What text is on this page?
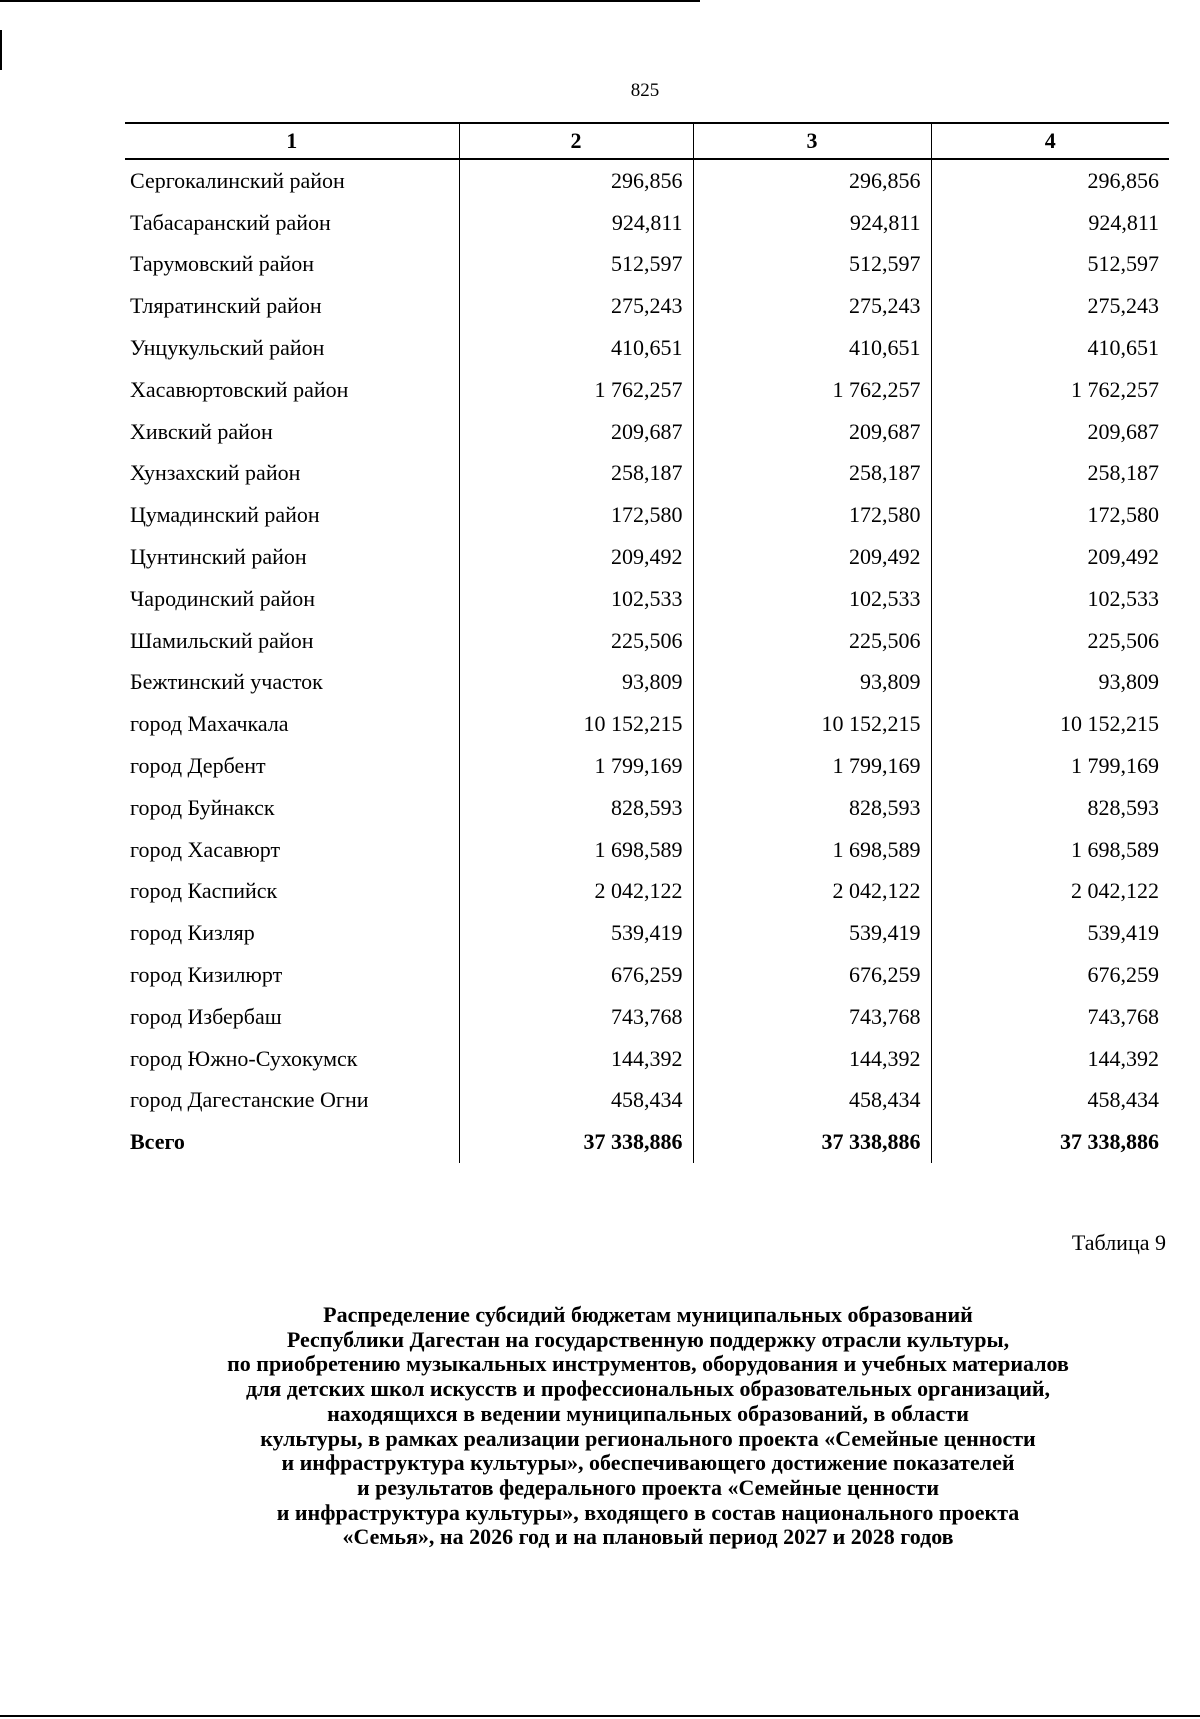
825
1	2	3	4
Сергокалинский район	296,856	296,856	296,856
Табасаранский район	924,811	924,811	924,811
Тарумовский район	512,597	512,597	512,597
Тляратинский район	275,243	275,243	275,243
Унцукульский район	410,651	410,651	410,651
Хасавюртовский район	1 762,257	1 762,257	1 762,257
Хивский район	209,687	209,687	209,687
Хунзахский район	258,187	258,187	258,187
Цумадинский район	172,580	172,580	172,580
Цунтинский район	209,492	209,492	209,492
Чародинский район	102,533	102,533	102,533
Шамильский район	225,506	225,506	225,506
Бежтинский участок	93,809	93,809	93,809
город Махачкала	10 152,215	10 152,215	10 152,215
город Дербент	1 799,169	1 799,169	1 799,169
город Буйнакск	828,593	828,593	828,593
город Хасавюрт	1 698,589	1 698,589	1 698,589
город Каспийск	2 042,122	2 042,122	2 042,122
город Кизляр	539,419	539,419	539,419
город Кизилюрт	676,259	676,259	676,259
город Избербаш	743,768	743,768	743,768
город Южно-Сухокумск	144,392	144,392	144,392
город Дагестанские Огни	458,434	458,434	458,434
Всего	37 338,886	37 338,886	37 338,886
Таблица 9
Распределение субсидий бюджетам муниципальных образований
Республики Дагестан на государственную поддержку отрасли культуры,
по приобретению музыкальных инструментов, оборудования и учебных материалов
для детских школ искусств и профессиональных образовательных организаций,
находящихся в ведении муниципальных образований, в области
культуры, в рамках реализации регионального проекта «Семейные ценности
и инфраструктура культуры», обеспечивающего достижение показателей
и результатов федерального проекта «Семейные ценности
и инфраструктура культуры», входящего в состав национального проекта
«Семья», на 2026 год и на плановый период 2027 и 2028 годов
